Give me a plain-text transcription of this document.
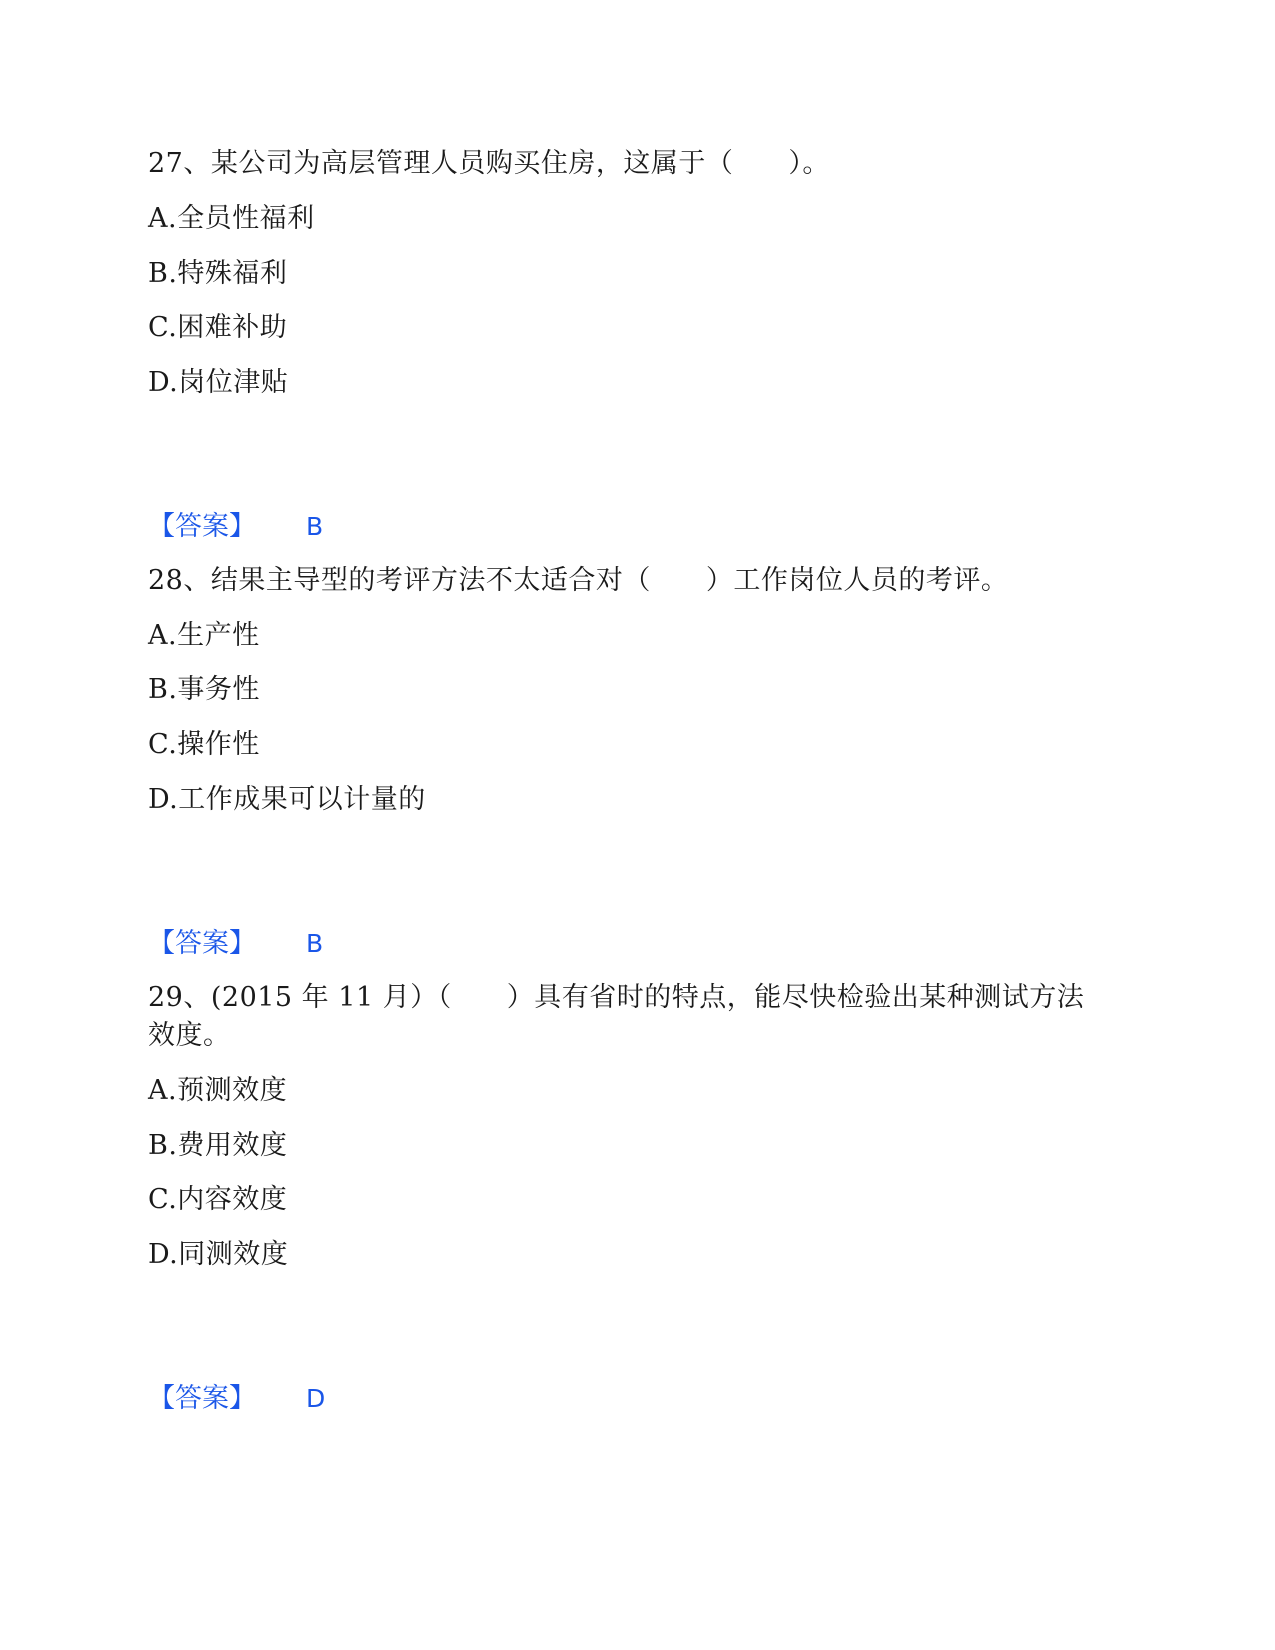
27、某公司为高层管理人员购买住房，这属于（　　）。
A.全员性福利
B.特殊福利
C.困难补助
D.岗位津贴
【答案】 B
28、结果主导型的考评方法不太适合对（　　）工作岗位人员的考评。
A.生产性
B.事务性
C.操作性
D.工作成果可以计量的
【答案】 B
29、(2015 年 11 月）（　　）具有省时的特点，能尽快检验出某种测试方法
效度。
A.预测效度
B.费用效度
C.内容效度
D.同测效度
【答案】 D
